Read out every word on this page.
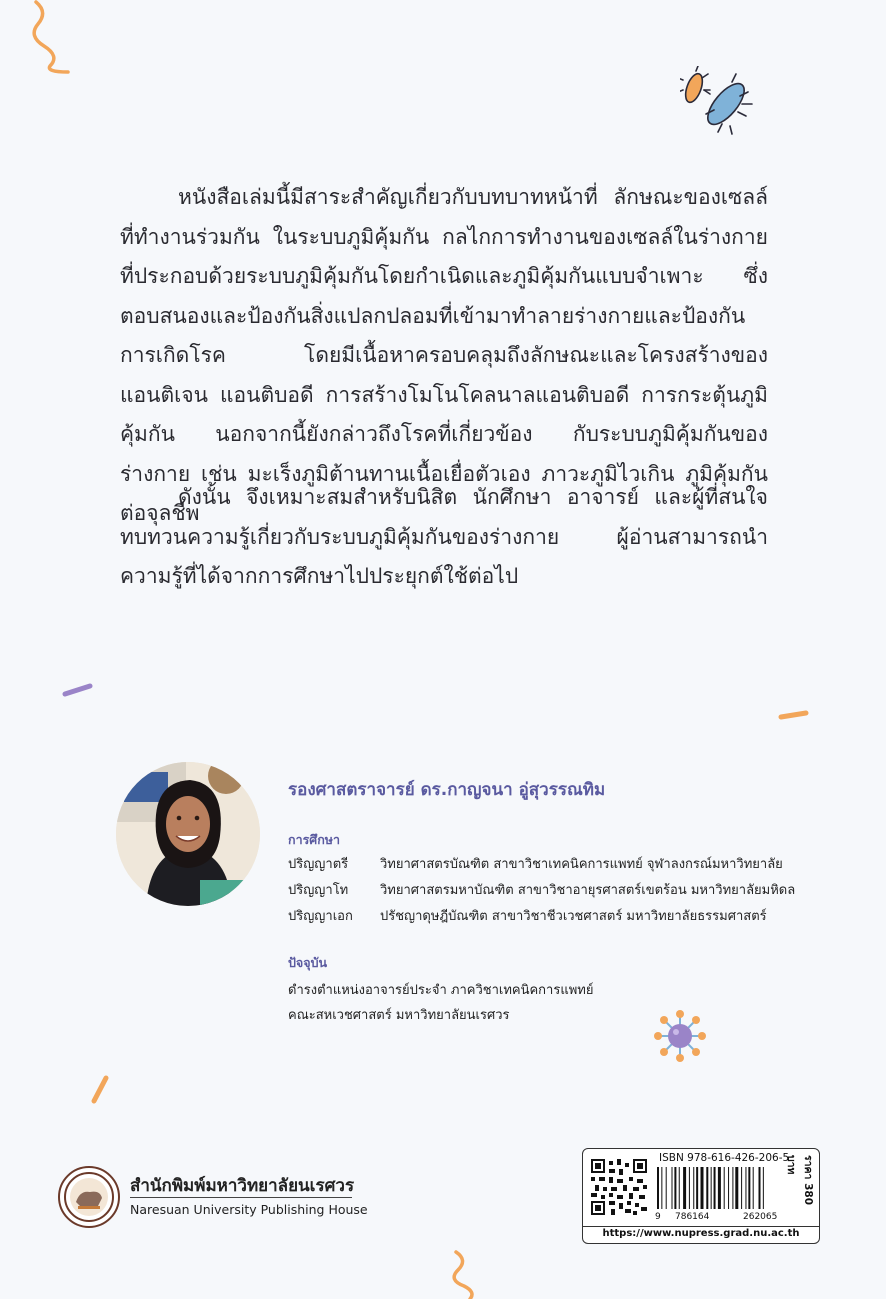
หนังสือเล่มนี้มีสาระสำคัญเกี่ยวกับบทบาทหน้าที่ ลักษณะของเซลล์ที่ทำงานร่วมกัน ในระบบภูมิคุ้มกัน กลไกการทำงานของเซลล์ในร่างกายที่ประกอบด้วยระบบภูมิคุ้มกันโดยกำเนิดและภูมิคุ้มกันแบบจำเพาะ ซึ่งตอบสนองและป้องกันสิ่งแปลกปลอมที่เข้ามาทำลายร่างกายและป้องกันการเกิดโรค โดยมีเนื้อหาครอบคลุมถึงลักษณะและโครงสร้างของแอนติเจน แอนติบอดี การสร้างโมโนโคลนาลแอนติบอดี การกระตุ้นภูมิคุ้มกัน นอกจากนี้ยังกล่าวถึงโรคที่เกี่ยวข้อง กับระบบภูมิคุ้มกันของร่างกาย เช่น มะเร็งภูมิต้านทานเนื้อเยื่อตัวเอง ภาวะภูมิไวเกิน ภูมิคุ้มกันต่อจุลชีพ

ดังนั้น จึงเหมาะสมสำหรับนิสิต นักศึกษา อาจารย์ และผู้ที่สนใจทบทวนความรู้เกี่ยวกับระบบภูมิคุ้มกันของร่างกาย ผู้อ่านสามารถนำความรู้ที่ได้จากการศึกษาไปประยุกต์ใช้ต่อไป

รองศาสตราจารย์ ดร.กาญจนา อู่สุวรรณทิม

การศึกษา

ปริญญาตรี วิทยาศาสตรบัณฑิต สาขาวิชาเทคนิคการแพทย์ จุฬาลงกรณ์มหาวิทยาลัย
ปริญญาโท วิทยาศาสตรมหาบัณฑิต สาขาวิชาอายุรศาสตร์เขตร้อน มหาวิทยาลัยมหิดล
ปริญญาเอก ปรัชญาดุษฎีบัณฑิต สาขาวิชาชีวเวชศาสตร์ มหาวิทยาลัยธรรมศาสตร์

ปัจจุบัน

ดำรงตำแหน่งอาจารย์ประจำ ภาควิชาเทคนิคการแพทย์

คณะสหเวชศาสตร์ มหาวิทยาลัยนเรศวร

สำนักพิมพ์มหาวิทยาลัยนเรศวร

Naresuan University Publishing House

ISBN 978-616-426-206-5

9 786164	262065

ราคา 380 บาท

https://www.nupress.grad.nu.ac.th
